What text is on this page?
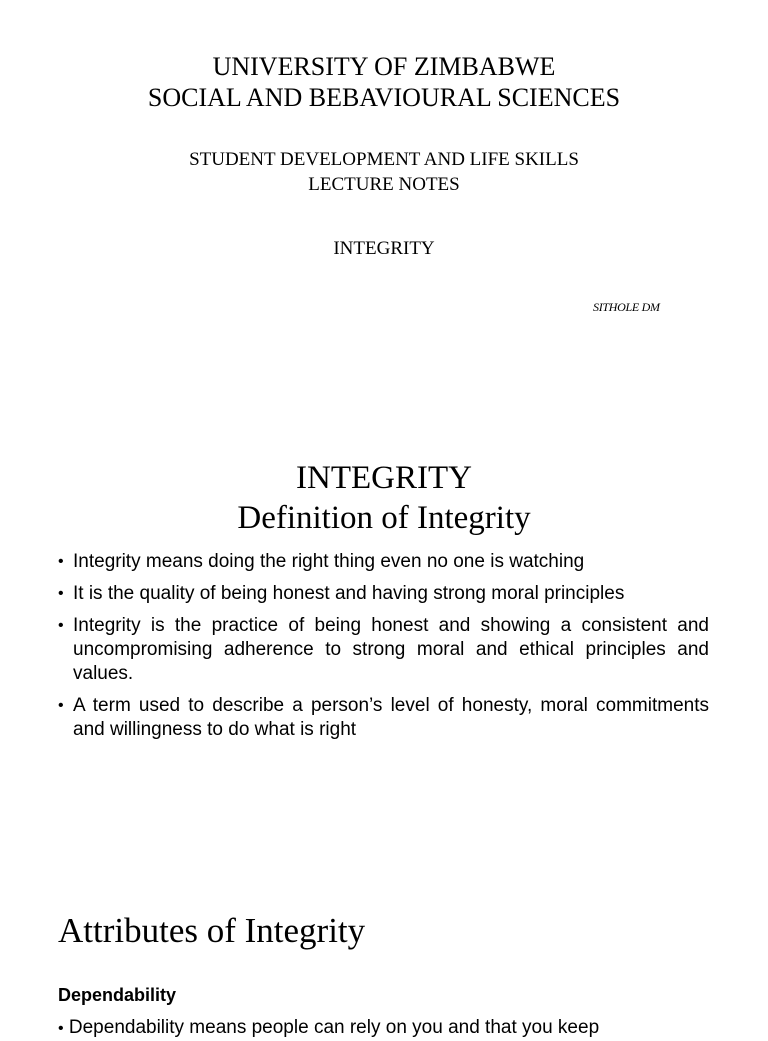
UNIVERSITY OF ZIMBABWE
SOCIAL AND BEBAVIOURAL SCIENCES
STUDENT DEVELOPMENT AND LIFE SKILLS
LECTURE NOTES
INTEGRITY
SITHOLE DM
INTEGRITY
Definition of Integrity
• Integrity means doing the right thing even no one is watching
• It is the quality of being honest and having strong moral principles
• Integrity is the practice of being honest and showing a consistent and uncompromising adherence to strong moral and ethical principles and values.
• A term used to describe a person’s level of honesty, moral commitments and willingness to do what is right
Attributes of Integrity
Dependability
• Dependability means people can rely on you and that you keep
